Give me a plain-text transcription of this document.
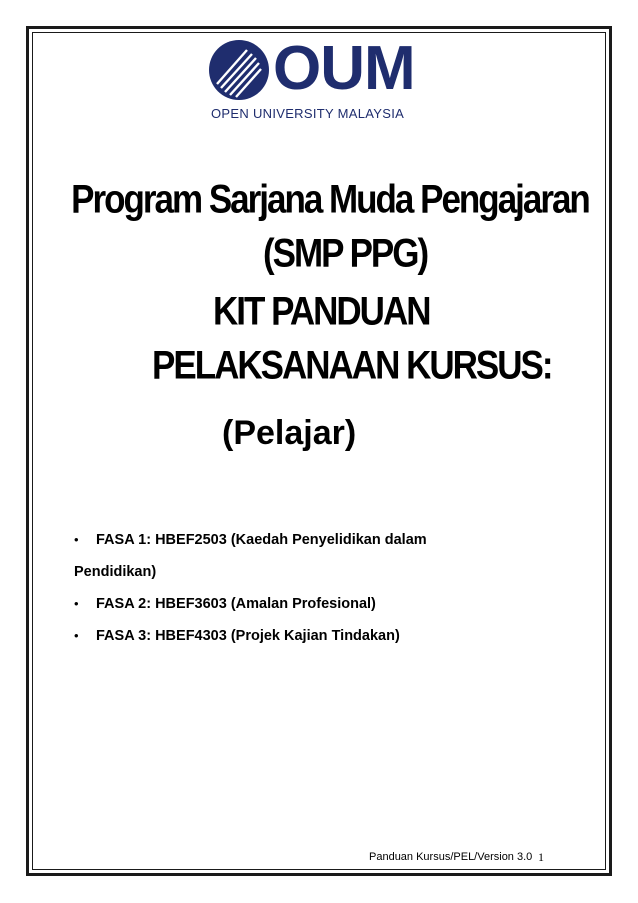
OUM
OPEN UNIVERSITY MALAYSIA
Program Sarjana Muda Pengajaran
(SMP PPG)
KIT PANDUAN
PELAKSANAAN KURSUS:
(Pelajar)
• FASA 1: HBEF2503 (Kaedah Penyelidikan dalam
Pendidikan)
• FASA 2: HBEF3603 (Amalan Profesional)
• FASA 3: HBEF4303 (Projek Kajian Tindakan)
Panduan Kursus/PEL/Version 3.0 1
